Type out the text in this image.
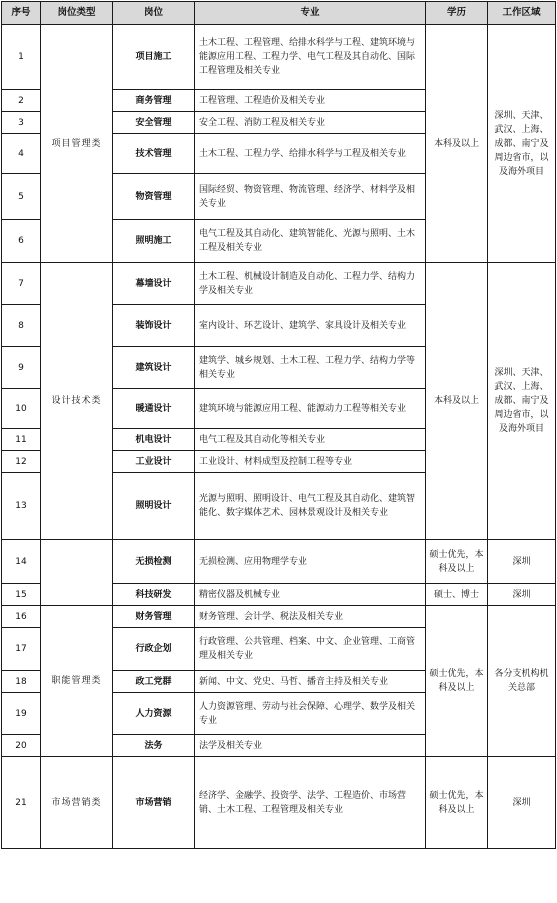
序号	岗位类型	岗位	专业	学历	工作区域
1	项目管理类	项目施工	土木工程、工程管理、给排水科学与工程、建筑环境与能源应用工程、工程力学、电气工程及其自动化、国际工程管理及相关专业	本科及以上	深圳、天津、武汉、上海、成都、南宁及周边省市，以及海外项目
2		商务管理	工程管理、工程造价及相关专业		
3		安全管理	安全工程、消防工程及相关专业		
4		技术管理	土木工程、工程力学、给排水科学与工程及相关专业		
5		物资管理	国际经贸、物资管理、物流管理、经济学、材料学及相关专业		
6		照明施工	电气工程及其自动化、建筑智能化、光源与照明、土木工程及相关专业		
7	设计技术类	幕墙设计	土木工程、机械设计制造及自动化、工程力学、结构力学及相关专业	本科及以上	深圳、天津、武汉、上海、成都、南宁及周边省市，以及海外项目
8		装饰设计	室内设计、环艺设计、建筑学、家具设计及相关专业		
9		建筑设计	建筑学、城乡规划、土木工程、工程力学、结构力学等相关专业		
10		暖通设计	建筑环境与能源应用工程、能源动力工程等相关专业		
11		机电设计	电气工程及其自动化等相关专业		
12		工业设计	工业设计、材料成型及控制工程等专业		
13		照明设计	光源与照明、照明设计、电气工程及其自动化、建筑智能化、数字媒体艺术、园林景观设计及相关专业		
14		无损检测	无损检测、应用物理学专业	硕士优先，本科及以上	深圳
15		科技研发	精密仪器及机械专业	硕士、博士	深圳
16	职能管理类	财务管理	财务管理、会计学、税法及相关专业	硕士优先，本科及以上	各分支机构机关总部
17		行政企划	行政管理、公共管理、档案、中文、企业管理、工商管理及相关专业		
18		政工党群	新闻、中文、党史、马哲、播音主持及相关专业		
19		人力资源	人力资源管理、劳动与社会保障、心理学、数学及相关专业		
20		法务	法学及相关专业		
21	市场营销类	市场营销	经济学、金融学、投资学、法学、工程造价、市场营销、土木工程、工程管理及相关专业	硕士优先，本科及以上	深圳
